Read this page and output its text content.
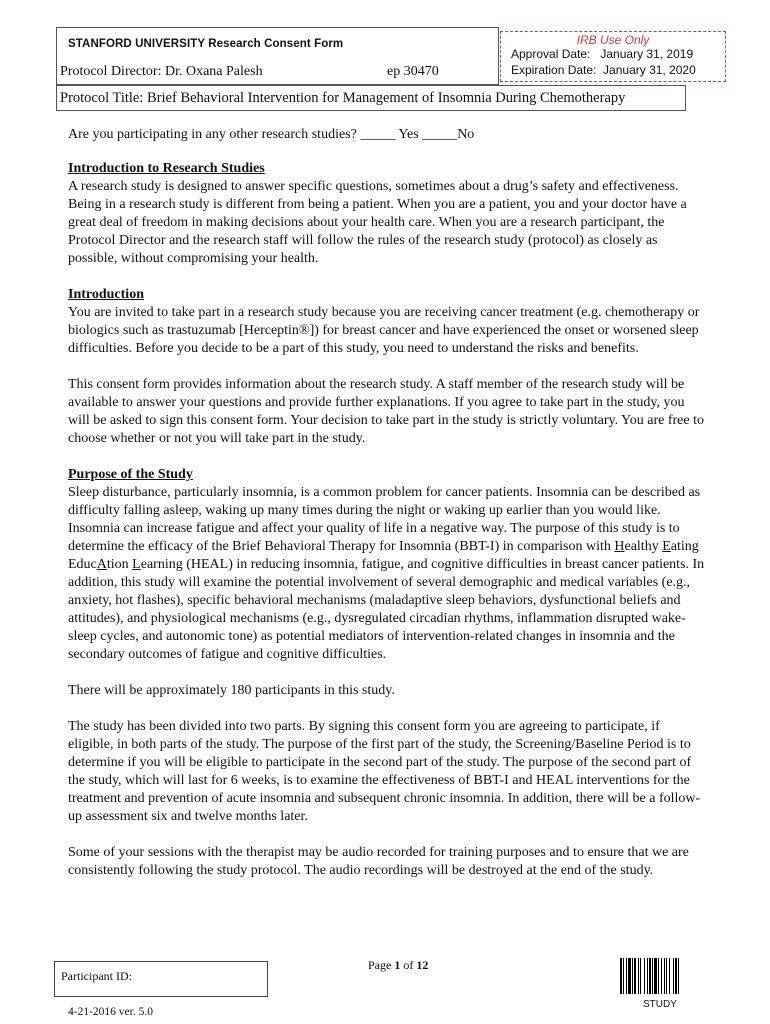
STANFORD UNIVERSITY Research Consent Form
Protocol Director: Dr. Oxana Palesh	ep 30470
IRB Use Only
Approval Date:   January 31, 2019
Expiration Date:  January 31, 2020
Protocol Title: Brief Behavioral Intervention for Management of Insomnia During Chemotherapy

Are you participating in any other research studies? _____ Yes _____No

Introduction to Research Studies

A research study is designed to answer specific questions, sometimes about a drug’s safety and effectiveness. Being in a research study is different from being a patient. When you are a patient, you and your doctor have a great deal of freedom in making decisions about your health care. When you are a research participant, the Protocol Director and the research staff will follow the rules of the research study (protocol) as closely as possible, without compromising your health.

Introduction

You are invited to take part in a research study because you are receiving cancer treatment (e.g. chemotherapy or biologics such as trastuzumab [Herceptin®]) for breast cancer and have experienced the onset or worsened sleep difficulties. Before you decide to be a part of this study, you need to understand the risks and benefits.

This consent form provides information about the research study. A staff member of the research study will be available to answer your questions and provide further explanations. If you agree to take part in the study, you will be asked to sign this consent form. Your decision to take part in the study is strictly voluntary. You are free to choose whether or not you will take part in the study.

Purpose of the Study

Sleep disturbance, particularly insomnia, is a common problem for cancer patients. Insomnia can be described as difficulty falling asleep, waking up many times during the night or waking up earlier than you would like. Insomnia can increase fatigue and affect your quality of life in a negative way. The purpose of this study is to determine the efficacy of the Brief Behavioral Therapy for Insomnia (BBT-I) in comparison with Healthy Eating EducAtion Learning (HEAL) in reducing insomnia, fatigue, and cognitive difficulties in breast cancer patients. In addition, this study will examine the potential involvement of several demographic and medical variables (e.g., anxiety, hot flashes), specific behavioral mechanisms (maladaptive sleep behaviors, dysfunctional beliefs and attitudes), and physiological mechanisms (e.g., dysregulated circadian rhythms, inflammation disrupted wake-sleep cycles, and autonomic tone) as potential mediators of intervention-related changes in insomnia and the secondary outcomes of fatigue and cognitive difficulties.

There will be approximately 180 participants in this study.

The study has been divided into two parts. By signing this consent form you are agreeing to participate, if eligible, in both parts of the study. The purpose of the first part of the study, the Screening/Baseline Period is to determine if you will be eligible to participate in the second part of the study. The purpose of the second part of the study, which will last for 6 weeks, is to examine the effectiveness of BBT-I and HEAL interventions for the treatment and prevention of acute insomnia and subsequent chronic insomnia. In addition, there will be a follow-up assessment six and twelve months later.

Some of your sessions with the therapist may be audio recorded for training purposes and to ensure that we are consistently following the study protocol. The audio recordings will be destroyed at the end of the study.

Participant ID:
Page 1 of 12
4-21-2016 ver. 5.0
STUDY
